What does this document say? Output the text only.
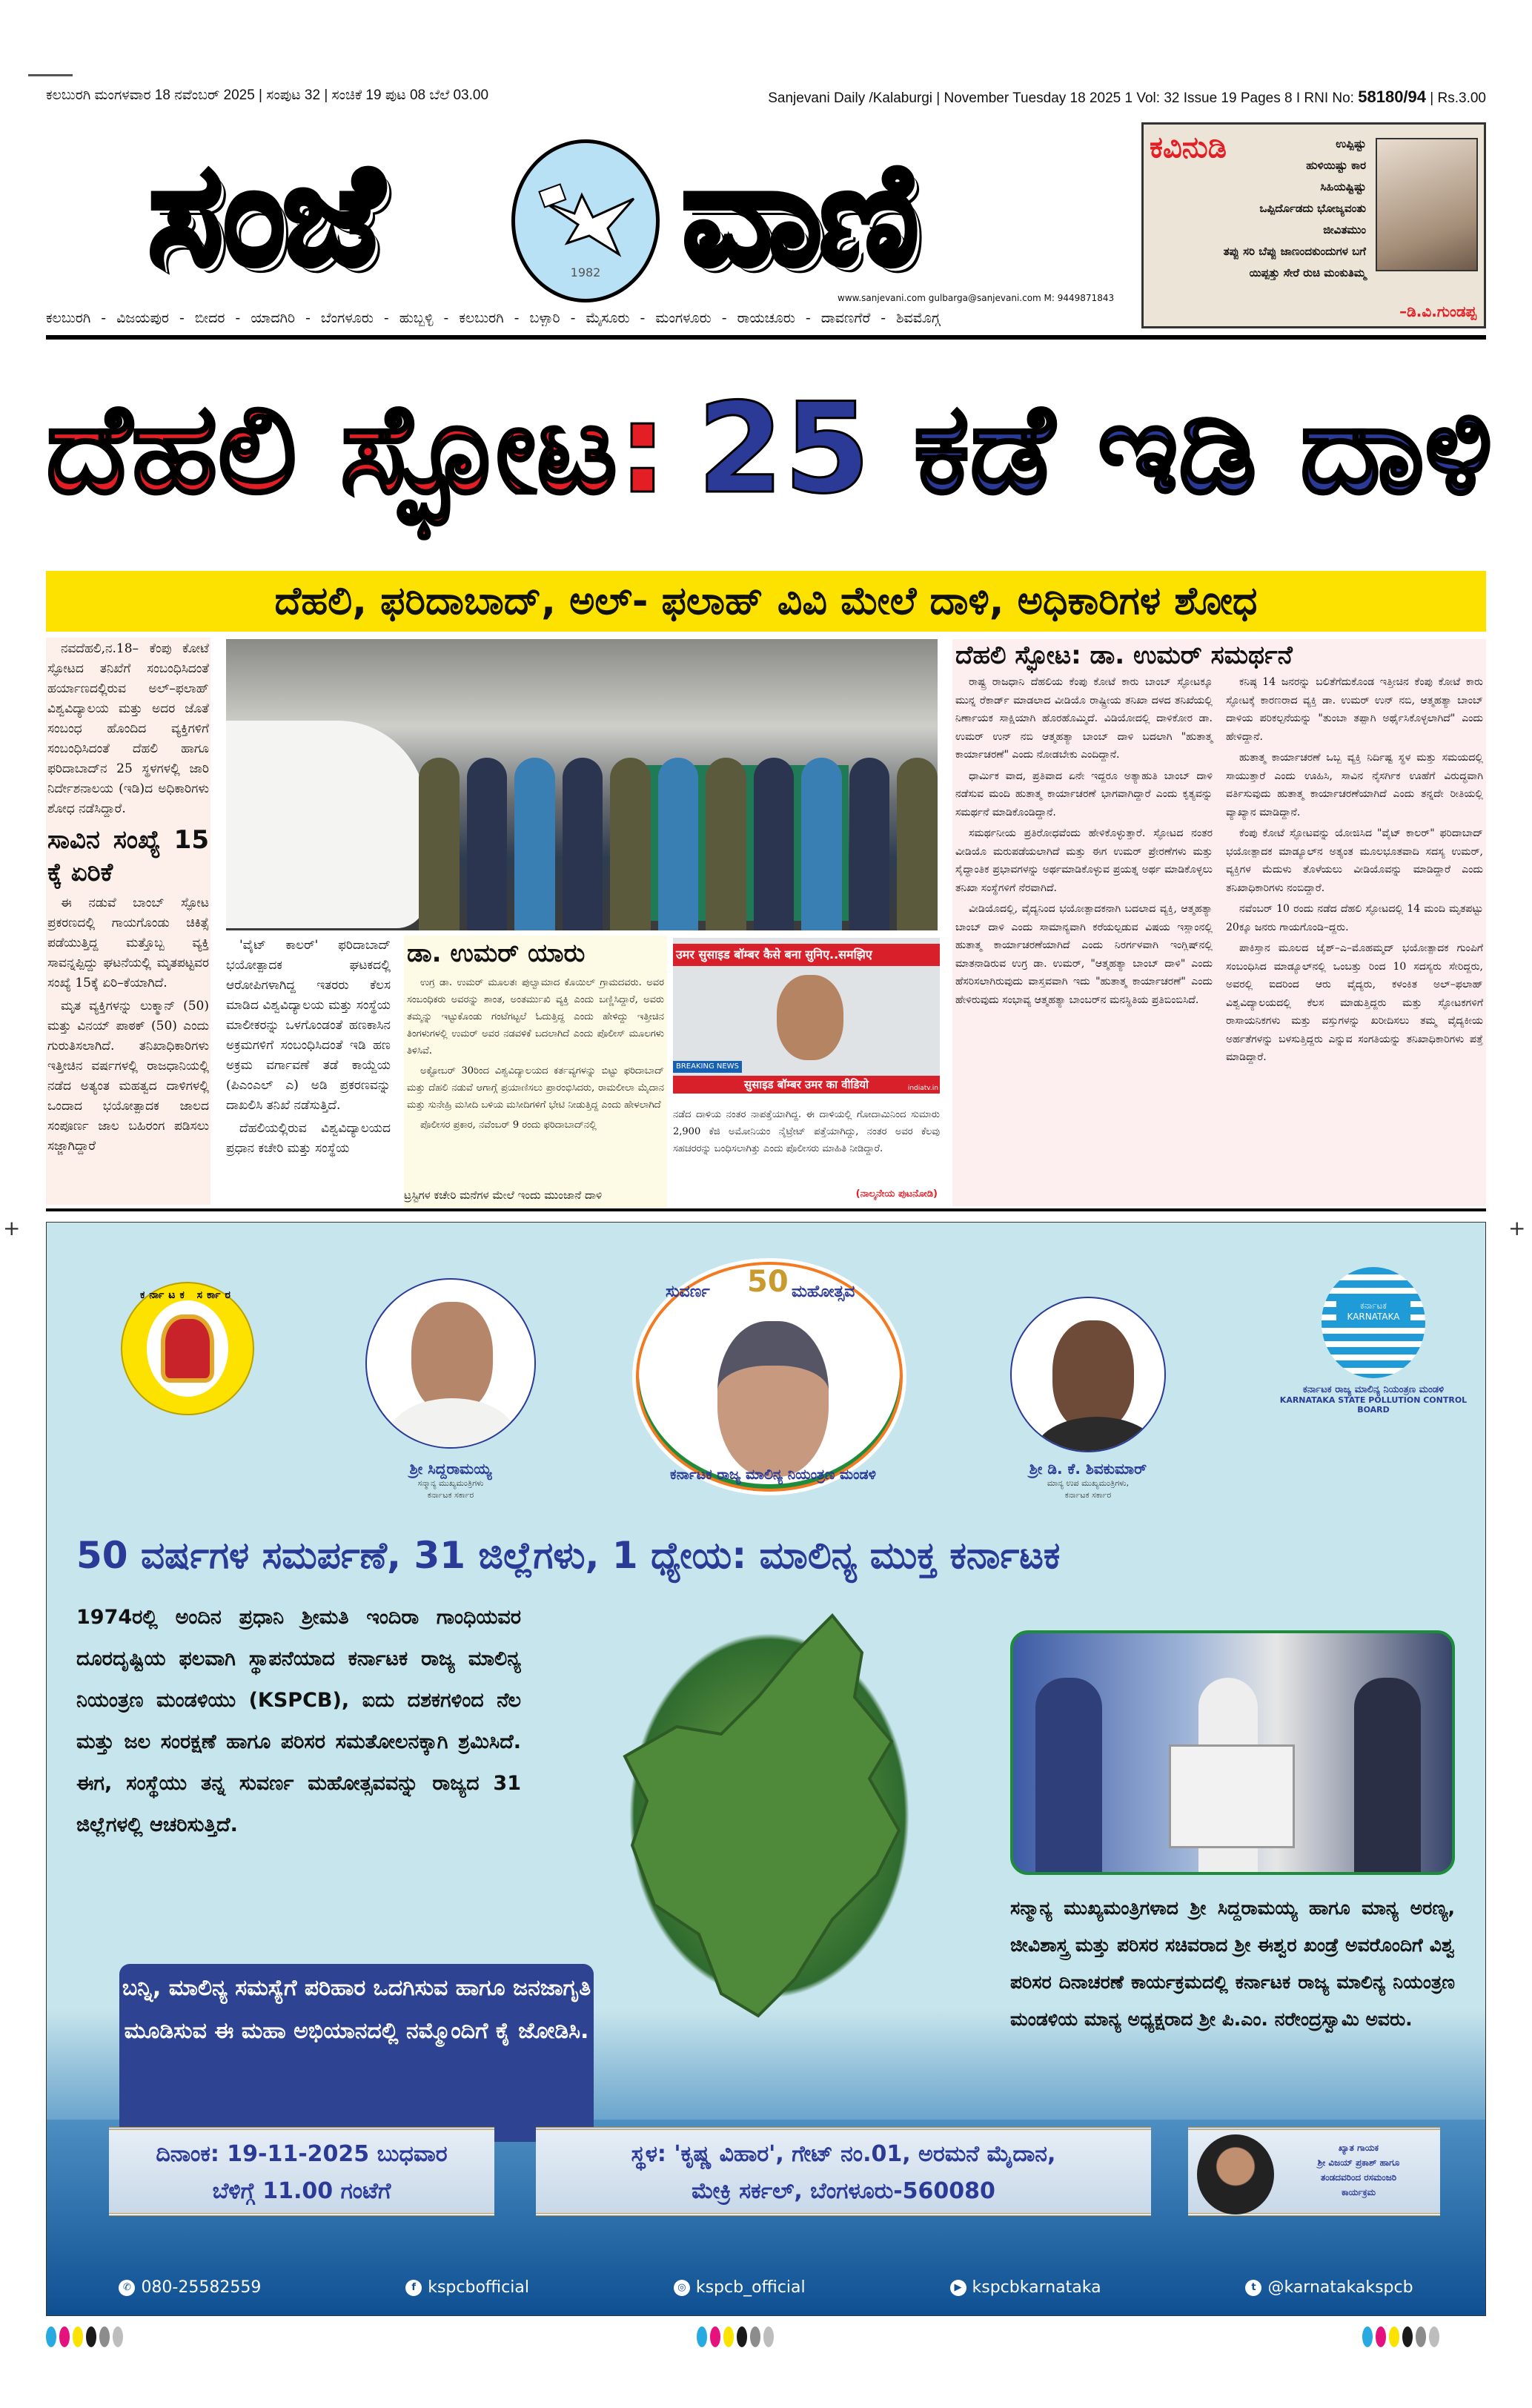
ಕಲಬುರಗಿ ಮಂಗಳವಾರ 18 ನವೆಂಬರ್ 2025 | ಸಂಪುಟ 32 | ಸಂಚಿಕೆ 19 ಪುಟ 08 ಬೆಲೆ 03.00	Sanjevani Daily /Kalaburgi | November Tuesday 18 2025 1 Vol: 32 Issue 19 Pages 8 I RNI No: 58180/94 | Rs.3.00
ಸಂಜೆ	1982 ವಾಣಿ
www.sanjevani.com gulbarga@sanjevani.com M: 9449871843
ಕಲಬುರಗಿ - ವಿಜಯಪುರ - ಬೀದರ - ಯಾದಗಿರಿ - ಬೆಂಗಳೂರು - ಹುಬ್ಬಳ್ಳಿ - ಕಲಬುರಗಿ - ಬಳ್ಳಾರಿ - ಮೈಸೂರು - ಮಂಗಳೂರು - ರಾಯಚೂರು - ದಾವಣಗೆರೆ - ಶಿವಮೊಗ್ಗ
ಕವಿನುಡಿ	ಉಪ್ಪಿಷ್ಟು
ಹುಳಿಯಿಷ್ಟು ಕಾರ
ಸಿಹಿಯಷ್ಟಿಷ್ಟು
ಒಪ್ಪಿರ್ದೊಡದು ಭೋಜ್ಯವಂತು
ಜೀವಿತಮುಂ
ತಪ್ಪು ಸರಿ ಬೆಪ್ಪು ಜಾಣಂದಕುಂದುಗಳ ಬಗೆ
ಯಿಪ್ಪತ್ತು ಸೇರೆ ರುಚಿ ಮಂಕುತಿಮ್ಮ
–ಡಿ.ವಿ.ಗುಂಡಪ್ಪ
ದೆಹಲಿ ಸ್ಫೋಟ: 25 ಕಡೆ ಇಡಿ ದಾಳಿ
ದೆಹಲಿ, ಫರಿದಾಬಾದ್, ಅಲ್- ಫಲಾಹ್ ವಿವಿ ಮೇಲೆ ದಾಳಿ, ಅಧಿಕಾರಿಗಳ ಶೋಧ

ನವದೆಹಲಿ,ನ.18– ಕೆಂಪು ಕೋಟೆ ಸ್ಫೋಟದ ತನಿಖೆಗೆ ಸಂಬಂಧಿಸಿದಂತೆ ಹರ್ಯಾಣದಲ್ಲಿರುವ ಅಲ್–ಫಲಾಹ್ ವಿಶ್ವವಿದ್ಯಾಲಯ ಮತ್ತು ಅದರ ಜೊತೆ ಸಂಬಂಧ ಹೊಂದಿದ ವ್ಯಕ್ತಿಗಳಿಗೆ ಸಂಬಂಧಿಸಿದಂತೆ ದೆಹಲಿ ಹಾಗೂ ಫರಿದಾಬಾದ್‌ನ 25 ಸ್ಥಳಗಳಲ್ಲಿ ಜಾರಿ ನಿರ್ದೇಶನಾಲಯ (ಇಡಿ)ದ ಅಧಿಕಾರಿಗಳು ಶೋಧ ನಡೆಸಿದ್ದಾರೆ.

ಸಾವಿನ ಸಂಖ್ಯೆ 15 ಕ್ಕೆ ಏರಿಕೆ

ಈ ನಡುವೆ ಬಾಂಬ್ ಸ್ಫೋಟ ಪ್ರಕರಣದಲ್ಲಿ ಗಾಯಗೊಂಡು ಚಿಕಿತ್ಸೆ ಪಡೆಯುತ್ತಿದ್ದ ಮತ್ತೊಬ್ಬ ವ್ಯಕ್ತಿ ಸಾವನ್ನಪ್ಪಿದ್ದು ಘಟನೆಯಲ್ಲಿ ಮೃತಪಟ್ಟವರ ಸಂಖ್ಯೆ 15ಕ್ಕೆ ಏರಿ–ಕೆಯಾಗಿದೆ.

ಮೃತ ವ್ಯಕ್ತಿಗಳನ್ನು ಲುಕ್ಮಾನ್ (50) ಮತ್ತು ವಿನಯ್ ಪಾಠಕ್ (50) ಎಂದು ಗುರುತಿಸಲಾಗಿದೆ. ತನಿಖಾಧಿಕಾರಿಗಳು ಇತ್ತೀಚಿನ ವರ್ಷಗಳಲ್ಲಿ ರಾಜಧಾನಿಯಲ್ಲಿ ನಡೆದ ಅತ್ಯಂತ ಮಹತ್ವದ ದಾಳಿಗಳಲ್ಲಿ ಒಂದಾದ ಭಯೋತ್ಪಾದಕ ಜಾಲದ ಸಂಪೂರ್ಣ ಜಾಲ ಬಹಿರಂಗ ಪಡಿಸಲು ಸಜ್ಜಾಗಿದ್ದಾರೆ

'ವೈಟ್ ಕಾಲರ್' ಫರಿದಾಬಾದ್ ಭಯೋತ್ಪಾದಕ ಘಟಕದಲ್ಲಿ ಆರೋಪಿಗಳಾಗಿದ್ದ ಇತರರು ಕೆಲಸ ಮಾಡಿದ ವಿಶ್ವವಿದ್ಯಾಲಯ ಮತ್ತು ಸಂಸ್ಥೆಯ ಮಾಲೀಕರನ್ನು ಒಳಗೊಂಡಂತೆ ಹಣಕಾಸಿನ ಅಕ್ರಮಗಳಿಗೆ ಸಂಬಂಧಿಸಿದಂತೆ ಇಡಿ ಹಣ ಅಕ್ರಮ ವರ್ಗಾವಣೆ ತಡೆ ಕಾಯ್ದೆಯ (ಪಿಎಂಎಲ್ ಎ) ಅಡಿ ಪ್ರಕರಣವನ್ನು ದಾಖಲಿಸಿ ತನಿಖೆ ನಡೆಸುತ್ತಿದೆ.

ದೆಹಲಿಯಲ್ಲಿರುವ ವಿಶ್ವವಿದ್ಯಾಲಯದ ಪ್ರಧಾನ ಕಚೇರಿ ಮತ್ತು ಸಂಸ್ಥೆಯ

ಡಾ. ಉಮರ್ ಯಾರು

ಉಗ್ರ ಡಾ. ಉಮರ್ ಮೂಲತಃ ಪುಲ್ವಾಮಾದ ಕೊಯಿಲ್ ಗ್ರಾಮದವರು. ಅವರ ಸಂಬಂಧಿಕರು ಅವರನ್ನು ಶಾಂತ, ಅಂತರ್ಮುಖಿ ವ್ಯಕ್ತಿ ಎಂದು ಬಣ್ಣಿಸಿದ್ದಾರೆ, ಅವರು ತಮ್ಮನ್ನು ಇಟ್ಟುಕೊಂಡು ಗಂಟೆಗಟ್ಟಲೆ ಓದುತ್ತಿದ್ದ ಎಂದು ಹೇಳಿದ್ದು ಇತ್ತೀಚಿನ ತಿಂಗಳುಗಳಲ್ಲಿ ಉಮರ್ ಅವರ ನಡವಳಿಕೆ ಬದಲಾಗಿದೆ ಎಂದು ಪೊಲೀಸ್ ಮೂಲಗಳು ತಿಳಿಸಿವೆ.

ಅಕ್ಟೋಬರ್ 30ರಿಂದ ವಿಶ್ವವಿದ್ಯಾಲಯದ ಕರ್ತವ್ಯಗಳನ್ನು ಬಿಟ್ಟು ಫರಿದಾಬಾದ್ ಮತ್ತು ದೆಹಲಿ ನಡುವೆ ಆಗಾಗ್ಗೆ ಪ್ರಯಾಣಿಸಲು ಪ್ರಾರಂಭಿಸಿದರು, ರಾಮಲೀಲಾ ಮೈದಾನ ಮತ್ತು ಸುನೇಹ್ರಿ ಮಸೀದಿ ಬಳಿಯ ಮಸೀದಿಗಳಿಗೆ ಭೇಟಿ ನೀಡುತ್ತಿದ್ದ ಎಂದು ಹೇಳಲಾಗಿದೆ

ಪೊಲೀಸರ ಪ್ರಕಾರ, ನವೆಂಬರ್ 9 ರಂದು ಫರಿದಾಬಾದ್‌ನಲ್ಲಿ

उमर सुसाइड बॉम्बर कैसे बना सुनिए..समझिए
सुसाइड बॉम्बर उमर का वीडियो
BREAKING NEWS
indiatv.in
ನಡೆದ ದಾಳಿಯ ನಂತರ ನಾಪತ್ತೆಯಾಗಿದ್ದ. ಈ ದಾಳಿಯಲ್ಲಿ ಗೋದಾಮಿನಿಂದ ಸುಮಾರು 2,900 ಕೆಜಿ ಅಮೋನಿಯಂ ನೈಟ್ರೇಟ್ ಪತ್ತೆಯಾಗಿದ್ದು, ನಂತರ ಅವರ ಕೆಲವು ಸಹಚರರನ್ನು ಬಂಧಿಸಲಾಗಿತ್ತು ಎಂದು ಪೊಲೀಸರು ಮಾಹಿತಿ ನೀಡಿದ್ದಾರೆ.
ಟ್ರಸ್ಟಿಗಳ ಕಚೇರಿ ಮನೆಗಳ ಮೇಲೆ ಇಂದು ಮುಂಜಾನೆ ದಾಳಿ	(ನಾಲ್ಕನೇಯ ಪುಟನೋಡಿ)
ದೆಹಲಿ ಸ್ಫೋಟ: ಡಾ. ಉಮರ್ ಸಮರ್ಥನೆ

ರಾಷ್ಟ್ರ ರಾಜಧಾನಿ ದೆಹಲಿಯ ಕೆಂಪು ಕೋಟೆ ಕಾರು ಬಾಂಬ್ ಸ್ಫೋಟಕ್ಕೂ ಮುನ್ನ ರೆಕಾರ್ಡ್ ಮಾಡಲಾದ ವೀಡಿಯೊ ರಾಷ್ಟ್ರೀಯ ತನಿಖಾ ದಳದ ತನಿಖೆಯಲ್ಲಿ ನಿರ್ಣಾಯಕ ಸಾಕ್ಷಿಯಾಗಿ ಹೊರಹೊಮ್ಮಿದೆ. ವಿಡಿಯೋದಲ್ಲಿ ದಾಳಿಕೋರ ಡಾ. ಉಮರ್ ಉನ್ ನಬಿ ಆತ್ಮಹತ್ಯಾ ಬಾಂಬ್ ದಾಳಿ ಬದಲಾಗಿ "ಹುತಾತ್ಮ ಕಾರ್ಯಾಚರಣೆ" ಎಂದು ನೋಡಬೇಕು ಎಂದಿದ್ದಾನೆ.

ಧಾರ್ಮಿಕ ವಾದ, ಪ್ರತಿವಾದ ಏನೇ ಇದ್ದರೂ ಅತ್ಯಾಹುತಿ ಬಾಂಬ್ ದಾಳಿ ನಡೆಸುವ ಮಂದಿ ಹುತಾತ್ಮ ಕಾರ್ಯಾಚರಣೆ ಭಾಗವಾಗಿದ್ದಾರೆ ಎಂದು ಕೃತ್ಯವನ್ನು ಸಮರ್ಥನೆ ಮಾಡಿಕೊಂಡಿದ್ದಾನೆ.

ಸಮರ್ಥನೀಯ ಪ್ರತಿರೋಧವೆಂದು ಹೇಳಿಕೊಳ್ಳುತ್ತಾರೆ. ಸ್ಫೋಟದ ನಂತರ ವೀಡಿಯೊ ಮರುಪಡೆಯಲಾಗಿದೆ ಮತ್ತು ಈಗ ಉಮರ್ ಪ್ರೇರಣೆಗಳು ಮತ್ತು ಸೈದ್ಧಾಂತಿಕ ಪ್ರಭಾವಗಳನ್ನು ಅರ್ಥಮಾಡಿಕೊಳ್ಳುವ ಪ್ರಯತ್ನ ಅರ್ಥ ಮಾಡಿಕೊಳ್ಳಲು ತನಿಖಾ ಸಂಸ್ಥೆಗಳಿಗೆ ನೆರವಾಗಿದೆ.

ವೀಡಿಯೊದಲ್ಲಿ, ವೈದ್ಯನಿಂದ ಭಯೋತ್ಪಾದಕನಾಗಿ ಬದಲಾದ ವ್ಯಕ್ತಿ, ಆತ್ಮಹತ್ಯಾ ಬಾಂಬ್ ದಾಳಿ ಎಂದು ಸಾಮಾನ್ಯವಾಗಿ ಕರೆಯಲ್ಪಡುವ ವಿಷಯ ಇಸ್ಲಾಂನಲ್ಲಿ ಹುತಾತ್ಮ ಕಾರ್ಯಾಚರಣೆಯಾಗಿದೆ ಎಂದು ನಿರರ್ಗಳವಾಗಿ ಇಂಗ್ಲಿಷ್‌ನಲ್ಲಿ ಮಾತನಾಡಿರುವ ಉಗ್ರ ಡಾ. ಉಮರ್, "ಆತ್ಮಹತ್ಯಾ ಬಾಂಬ್ ದಾಳಿ" ಎಂದು ಹೆಸರಿಸಲಾಗಿರುವುದು ವಾಸ್ತವವಾಗಿ ಇದು "ಹುತಾತ್ಮ ಕಾರ್ಯಾಚರಣೆ" ಎಂದು ಹೇಳಿರುವುದು ಸಂಭಾವ್ಯ ಆತ್ಮಹತ್ಯಾ ಬಾಂಬರ್‌ನ ಮನಸ್ಥಿತಿಯ ಪ್ರತಿಬಿಂಬಿಸಿದೆ.

ಕನಿಷ್ಠ 14 ಜನರನ್ನು ಬಲಿತೆಗೆದುಕೊಂಡ ಇತ್ತೀಚಿನ ಕೆಂಪು ಕೋಟೆ ಕಾರು ಸ್ಫೋಟಕ್ಕೆ ಕಾರಣರಾದ ವ್ಯಕ್ತಿ ಡಾ. ಉಮರ್ ಉನ್ ನಬಿ, ಆತ್ಮಹತ್ಯಾ ಬಾಂಬ್ ದಾಳಿಯ ಪರಿಕಲ್ಪನೆಯನ್ನು "ತುಂಬಾ ತಪ್ಪಾಗಿ ಅರ್ಥೈಸಿಕೊಳ್ಳಲಾಗಿದೆ" ಎಂದು ಹೇಳಿದ್ದಾನೆ.

ಹುತಾತ್ಮ ಕಾರ್ಯಾಚರಣೆ ಒಬ್ಬ ವ್ಯಕ್ತಿ ನಿರ್ದಿಷ್ಟ ಸ್ಥಳ ಮತ್ತು ಸಮಯದಲ್ಲಿ ಸಾಯುತ್ತಾರೆ ಎಂದು ಊಹಿಸಿ, ಸಾವಿನ ನೈಸರ್ಗಿಕ ಊಹೆಗೆ ವಿರುದ್ಧವಾಗಿ ವರ್ತಿಸುವುದು ಹುತಾತ್ಮ ಕಾರ್ಯಾಚರಣೆಯಾಗಿದೆ ಎಂದು ತನ್ನದೇ ರೀತಿಯಲ್ಲಿ ವ್ಯಾಖ್ಯಾನ ಮಾಡಿದ್ದಾನೆ.

ಕೆಂಪು ಕೋಟೆ ಸ್ಫೋಟವನ್ನು ಯೋಜಿಸಿದ "ವೈಟ್ ಕಾಲರ್" ಫರಿದಾಬಾದ್ ಭಯೋತ್ಪಾದಕ ಮಾಡ್ಯೂಲ್‌ನ ಅತ್ಯಂತ ಮೂಲಭೂತವಾದಿ ಸದಸ್ಯ ಉಮರ್, ವ್ಯಕ್ತಿಗಳ ಮೆದುಳು ತೊಳೆಯಲು ವೀಡಿಯೊವನ್ನು ಮಾಡಿದ್ದಾರೆ ಎಂದು ತನಿಖಾಧಿಕಾರಿಗಳು ನಂಬಿದ್ದಾರೆ.

ನವೆಂಬರ್ 10 ರಂದು ನಡೆದ ದೆಹಲಿ ಸ್ಫೋಟದಲ್ಲಿ 14 ಮಂದಿ ಮೃತಪಟ್ಟು 20ಕ್ಕೂ ಜನರು ಗಾಯಗೊಂಡಿ–ದ್ದರು.

ಪಾಕಿಸ್ತಾನ ಮೂಲದ ಜೈಶ್–ಎ–ಮೊಹಮ್ಮದ್ ಭಯೋತ್ಪಾದಕ ಗುಂಪಿಗೆ ಸಂಬಂಧಿಸಿದ ಮಾಡ್ಯೂಲ್‌ನಲ್ಲಿ ಒಂಬತ್ತು ರಿಂದ 10 ಸದಸ್ಯರು ಸೇರಿದ್ದರು, ಅವರಲ್ಲಿ ಐದರಿಂದ ಆರು ವೈದ್ಯರು, ಕಳಂಕಿತ ಅಲ್–ಫಲಾಹ್ ವಿಶ್ವವಿದ್ಯಾಲಯದಲ್ಲಿ ಕೆಲಸ ಮಾಡುತ್ತಿದ್ದರು ಮತ್ತು ಸ್ಫೋಟಕಗಳಿಗೆ ರಾಸಾಯನಿಕಗಳು ಮತ್ತು ವಸ್ತುಗಳನ್ನು ಖರೀದಿಸಲು ತಮ್ಮ ವೈದ್ಯಕೀಯ ಅರ್ಹತೆಗಳನ್ನು ಬಳಸುತ್ತಿದ್ದರು ಎನ್ನುವ ಸಂಗತಿಯನ್ನು ತನಿಖಾಧಿಕಾರಿಗಳು ಪತ್ತೆ ಮಾಡಿದ್ದಾರೆ.

+	+
ಕರ್ನಾಟಕ ಸರ್ಕಾರ
ಶ್ರೀ ಸಿದ್ದರಾಮಯ್ಯ
ಸನ್ಮಾನ್ಯ ಮುಖ್ಯಮಂತ್ರಿಗಳು
ಕರ್ನಾಟಕ ಸರ್ಕಾರ
50
ಸುವರ್ಣ	ಮಹೋತ್ಸವ
ಕರ್ನಾಟಕ ರಾಜ್ಯ ಮಾಲಿನ್ಯ ನಿಯಂತ್ರಣ ಮಂಡಳಿ	ಶ್ರೀ ಡಿ. ಕೆ. ಶಿವಕುಮಾರ್
ಮಾನ್ಯ ಉಪ ಮುಖ್ಯಮಂತ್ರಿಗಳು,
ಕರ್ನಾಟಕ ಸರ್ಕಾರ
ಕರ್ನಾಟಕ KARNATAKA
ಕರ್ನಾಟಕ ರಾಜ್ಯ ಮಾಲಿನ್ಯ ನಿಯಂತ್ರಣ ಮಂಡಳಿ
KARNATAKA STATE POLLUTION CONTROL BOARD
50 ವರ್ಷಗಳ ಸಮರ್ಪಣೆ, 31 ಜಿಲ್ಲೆಗಳು, 1 ಧ್ಯೇಯ: ಮಾಲಿನ್ಯ ಮುಕ್ತ ಕರ್ನಾಟಕ
1974ರಲ್ಲಿ ಅಂದಿನ ಪ್ರಧಾನಿ ಶ್ರೀಮತಿ ಇಂದಿರಾ ಗಾಂಧಿಯವರ ದೂರದೃಷ್ಟಿಯ ಫಲವಾಗಿ ಸ್ಥಾಪನೆಯಾದ ಕರ್ನಾಟಕ ರಾಜ್ಯ ಮಾಲಿನ್ಯ ನಿಯಂತ್ರಣ ಮಂಡಳಿಯು (KSPCB), ಐದು ದಶಕಗಳಿಂದ ನೆಲ ಮತ್ತು ಜಲ ಸಂರಕ್ಷಣೆ ಹಾಗೂ ಪರಿಸರ ಸಮತೋಲನಕ್ಕಾಗಿ ಶ್ರಮಿಸಿದೆ. ಈಗ, ಸಂಸ್ಥೆಯು ತನ್ನ ಸುವರ್ಣ ಮಹೋತ್ಸವವನ್ನು ರಾಜ್ಯದ 31 ಜಿಲ್ಲೆಗಳಲ್ಲಿ ಆಚರಿಸುತ್ತಿದೆ.
ಬನ್ನಿ, ಮಾಲಿನ್ಯ ಸಮಸ್ಯೆಗೆ ಪರಿಹಾರ ಒದಗಿಸುವ ಹಾಗೂ ಜನಜಾಗೃತಿ ಮೂಡಿಸುವ ಈ ಮಹಾ ಅಭಿಯಾನದಲ್ಲಿ ನಮ್ಮೊಂದಿಗೆ ಕೈ ಜೋಡಿಸಿ.
ಸನ್ಮಾನ್ಯ ಮುಖ್ಯಮಂತ್ರಿಗಳಾದ ಶ್ರೀ ಸಿದ್ದರಾಮಯ್ಯ ಹಾಗೂ ಮಾನ್ಯ ಅರಣ್ಯ, ಜೀವಿಶಾಸ್ತ್ರ ಮತ್ತು ಪರಿಸರ ಸಚಿವರಾದ ಶ್ರೀ ಈಶ್ವರ ಖಂಡ್ರೆ ಅವರೊಂದಿಗೆ ವಿಶ್ವ ಪರಿಸರ ದಿನಾಚರಣೆ ಕಾರ್ಯಕ್ರಮದಲ್ಲಿ ಕರ್ನಾಟಕ ರಾಜ್ಯ ಮಾಲಿನ್ಯ ನಿಯಂತ್ರಣ ಮಂಡಳಿಯ ಮಾನ್ಯ ಅಧ್ಯಕ್ಷರಾದ ಶ್ರೀ ಪಿ.ಎಂ. ನರೇಂದ್ರಸ್ವಾಮಿ ಅವರು.
ದಿನಾಂಕ: 19-11-2025 ಬುಧವಾರ
ಬೆಳಿಗ್ಗೆ 11.00 ಗಂಟೆಗೆ
ಸ್ಥಳ: 'ಕೃಷ್ಣ ವಿಹಾರ', ಗೇಟ್ ನಂ.01, ಅರಮನೆ ಮೈದಾನ,
ಮೇಕ್ರಿ ಸರ್ಕಲ್, ಬೆಂಗಳೂರು-560080
ಖ್ಯಾತ ಗಾಯಕ
ಶ್ರೀ ವಿಜಯ್ ಪ್ರಕಾಶ್ ಹಾಗೂ
ತಂಡದವರಿಂದ ರಸಮಂಜರಿ
ಕಾರ್ಯಕ್ರಮ
✆ 080-25582559	f kspcbofficial	◎ kspcb_official	▶ kspcbkarnataka	t @karnatakakspcb
